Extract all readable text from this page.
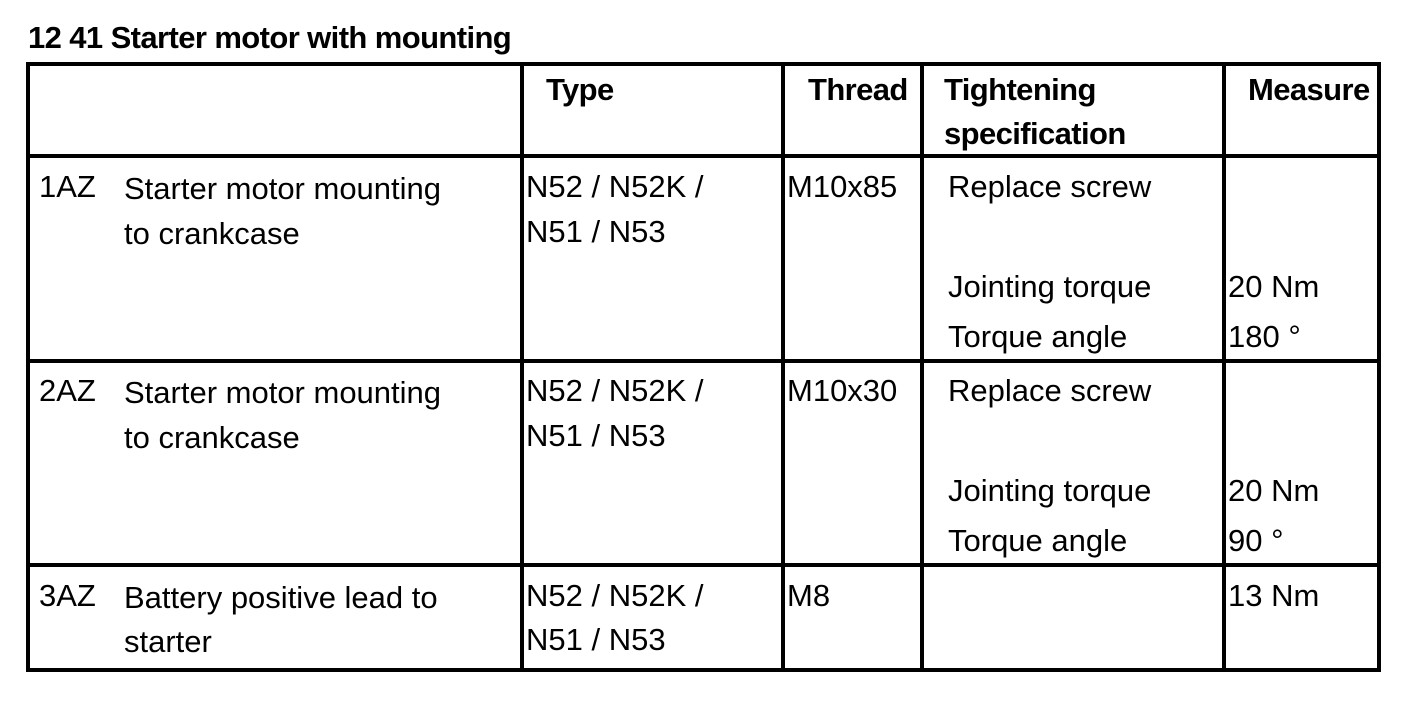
12 41 Starter motor with mounting
Type	Thread Tightening
specification
Measure
1AZ Starter motor mounting
to crankcase
N52 / N52K /
N51 / N53
M10x85 Replace screw
Jointing torque
Torque angle
20 Nm
180 °
2AZ Starter motor mounting
to crankcase
N52 / N52K /
N51 / N53
M10x30 Replace screw
Jointing torque
Torque angle
20 Nm
90 °
3AZ Battery positive lead to
starter
N52 / N52K /
N51 / N53
M8	13 Nm
